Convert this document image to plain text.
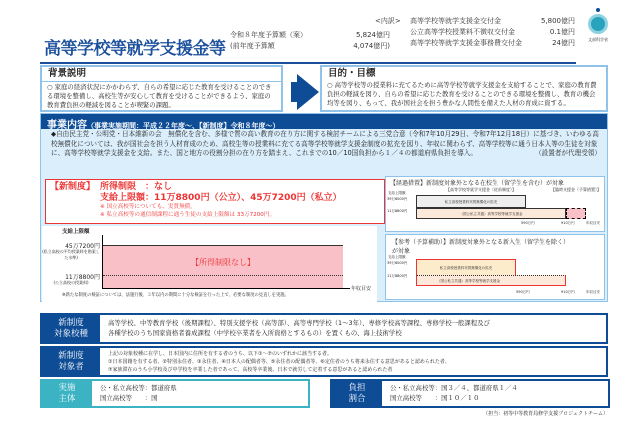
高等学校等就学支援金等
令和８年度予算額（案）	5,824億円
(前年度予算額	4,074億円)
<内訳>	高等学校等就学支援金交付金	5,800億円
公立高等学校授業料不徴収交付金	0.1億円
高等学校等就学支援金事務費交付金	24億円	文部科学省
背景説明
○ 家庭の経済状況にかかわらず、自らの希望に応じた教育を受けることのできる環境を整備し、高校生等が安心して教育を受けることができるよう、家庭の教育費負担の軽減を図ることが喫緊の課題。
目的・目標
○ 高等学校等の授業料に充てるために高等学校等就学支援金を支給することで、家庭の教育費負担の軽減を図り、自らの希望に応じた教育を受けることのできる環境を整備し、教育の機会均等を図り、もって、我が国社会を担う豊かな人間性を備えた人材の育成に資する。
事業内容（事業実施期間：平成２２年度～、【新制度】令和８年度～）
◆自由民主党・公明党・日本維新の会　無償化を含む、多様で質の高い教育の在り方に関する検討チームによる三党合意（令和7年10月29日、令和7年12月18日）に基づき、いわゆる高校無償化については、我が国社会を担う人材育成のため、高校生等の授業料に充てる高等学校等就学支援金制度の拡充を図り、年収に関わらず、高等学校等に通う日本人等の生徒を対象に、高等学校等就学支援金を支給。また、国と地方の役割分担の在り方を踏まえ、これまでの10／10国負担から１／４の都道府県負担を導入。	（設置者が代理受領）
【新制度】 所得制限　：なし
支給上限額：11万8800円（公立）、45万7200円（私立）
※ 国立高校等についても、実質無償。
※ 私立高校等の通信制課程に通う生徒の支給上限額は 33万7200円。
支給上限額
45万7200円
(私立高校の平均授業料を勘案した水準)
11万8800円
(公立高校の授業料)
【所得制限なし】
年収目安
※新たな制度の検証については、法施行後、３年以内の期間に十分な検証を行った上で、必要な制度の見直しを実施。
【経過措置】新制度対象外となる在校生（留学生を含む）が対象
【高等学校等就学支援金（従前制度）】	【臨時支援金（予算措置）】
支給上限額
39万6000円
11万8800円
私立高校授業料実質無償化の拡充
（国公私立共通）高等学校等就学支援金
590万円	910万円	年収目安
【参考（予算補助）】新制度対象外となる新入生（留学生を除く）が対象
支給上限額
39万6000円
11万8800円
私立高校授業料実質無償化の拡充
（国公私立共通）高等学校等就学支援金
590万円	910万円	年収目安
新制度
対象校種
高等学校、中等教育学校（後期課程）、特別支援学校（高等部）、高等専門学校（1～3年）、専修学校高等課程、専修学校一般課程及び
各種学校のうち国家資格者養成課程（中学校卒業者を入所資格とするもの）を置くもの、海上技術学校
新制度
対象者
上記の対象校種に在学し、日本国内に住所を有する者のうち、以下①～⑦のいずれかに該当する者。
①日本国籍を有する者、②特別永住者、③永住者、④日本人の配偶者等、⑤永住者の配偶者等、⑥定住者のうち将来永住する意思があると認められた者、
⑦家族滞在のうち小学校及び中学校を卒業した者であって、高校等卒業後、日本で就労して定着する意思があると認められた者
実施
主体
公・私立高校等：都道府県
国立高校等　　：国
負担
割合
公・私立高校等：国３／４、都道府県１／４
国立高校等　　：国１０／１０
（担当：初等中等教育局修学支援プロジェクトチーム）
